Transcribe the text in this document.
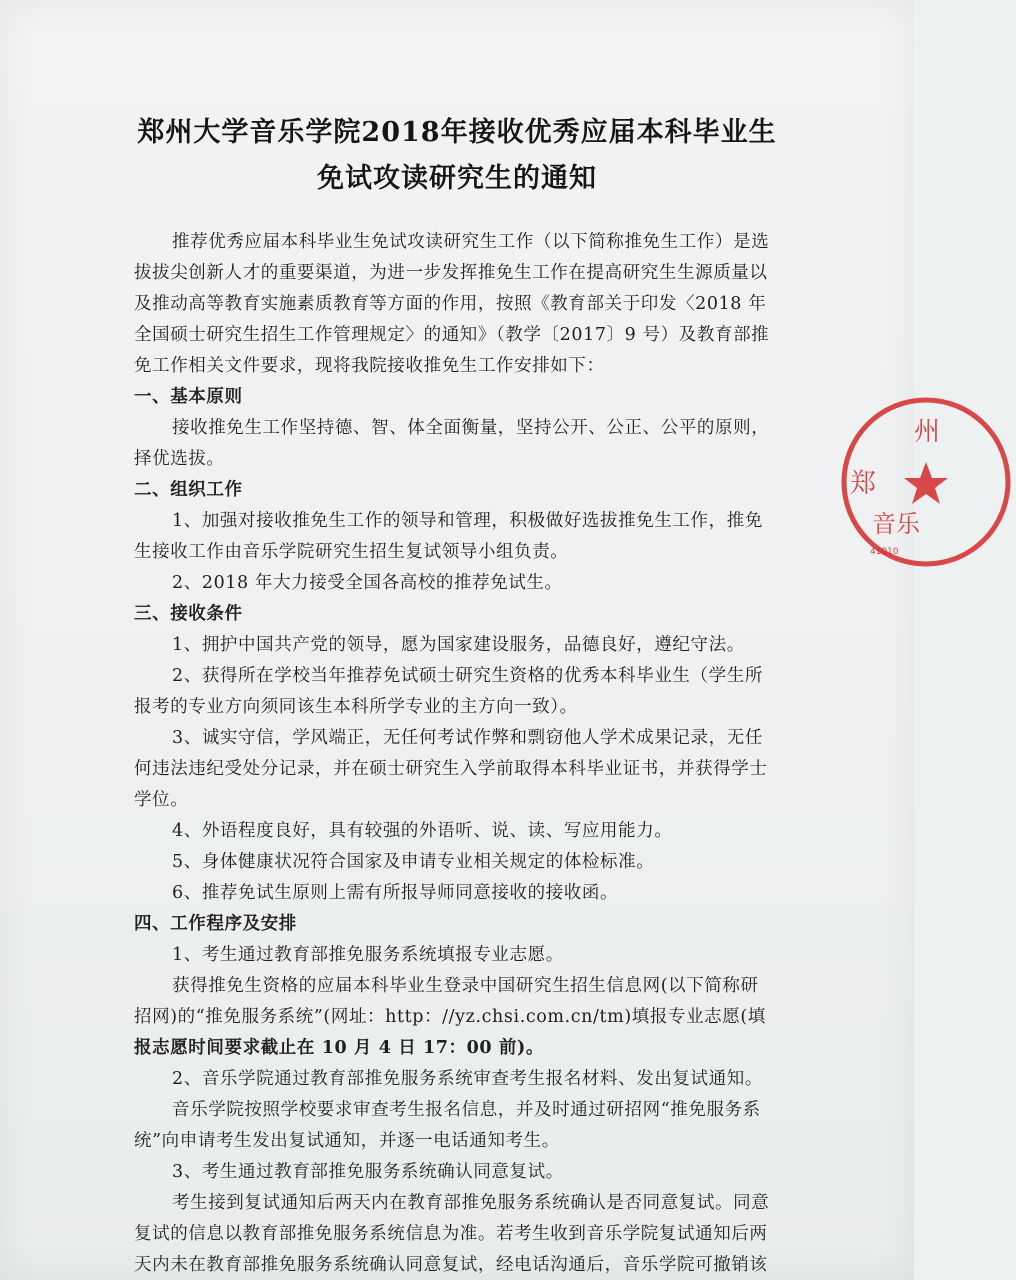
郑州大学音乐学院2018年接收优秀应届本科毕业生
免试攻读研究生的通知
推荐优秀应届本科毕业生免试攻读研究生工作（以下简称推免生工作）是选
拔拔尖创新人才的重要渠道，为进一步发挥推免生工作在提高研究生生源质量以
及推动高等教育实施素质教育等方面的作用，按照《教育部关于印发〈2018 年
全国硕士研究生招生工作管理规定〉的通知》（教学〔2017〕9 号）及教育部推
免工作相关文件要求，现将我院接收推免生工作安排如下：
一、基本原则
接收推免生工作坚持德、智、体全面衡量，坚持公开、公正、公平的原则，
择优选拔。
二、组织工作
1、加强对接收推免生工作的领导和管理，积极做好选拔推免生工作，推免
生接收工作由音乐学院研究生招生复试领导小组负责。
2、2018 年大力接受全国各高校的推荐免试生。
三、接收条件
1、拥护中国共产党的领导，愿为国家建设服务，品德良好，遵纪守法。
2、获得所在学校当年推荐免试硕士研究生资格的优秀本科毕业生（学生所
报考的专业方向须同该生本科所学专业的主方向一致）。
3、诚实守信，学风端正，无任何考试作弊和剽窃他人学术成果记录，无任
何违法违纪受处分记录，并在硕士研究生入学前取得本科毕业证书，并获得学士
学位。
4、外语程度良好，具有较强的外语听、说、读、写应用能力。
5、身体健康状况符合国家及申请专业相关规定的体检标准。
6、推荐免试生原则上需有所报导师同意接收的接收函。
四、工作程序及安排
1、考生通过教育部推免服务系统填报专业志愿。
获得推免生资格的应届本科毕业生登录中国研究生招生信息网(以下简称研
招网)的“推免服务系统”(网址：http：//yz.chsi.com.cn/tm)填报专业志愿(填
报志愿时间要求截止在 10 月 4 日 17：00 前)。
2、音乐学院通过教育部推免服务系统审查考生报名材料、发出复试通知。
音乐学院按照学校要求审查考生报名信息，并及时通过研招网“推免服务系
统”向申请考生发出复试通知，并逐一电话通知考生。
3、考生通过教育部推免服务系统确认同意复试。
考生接到复试通知后两天内在教育部推免服务系统确认是否同意复试。同意
复试的信息以教育部推免服务系统信息为准。若考生收到音乐学院复试通知后两
天内未在教育部推免服务系统确认同意复试，经电话沟通后，音乐学院可撤销该
州
郑
音乐
41010
